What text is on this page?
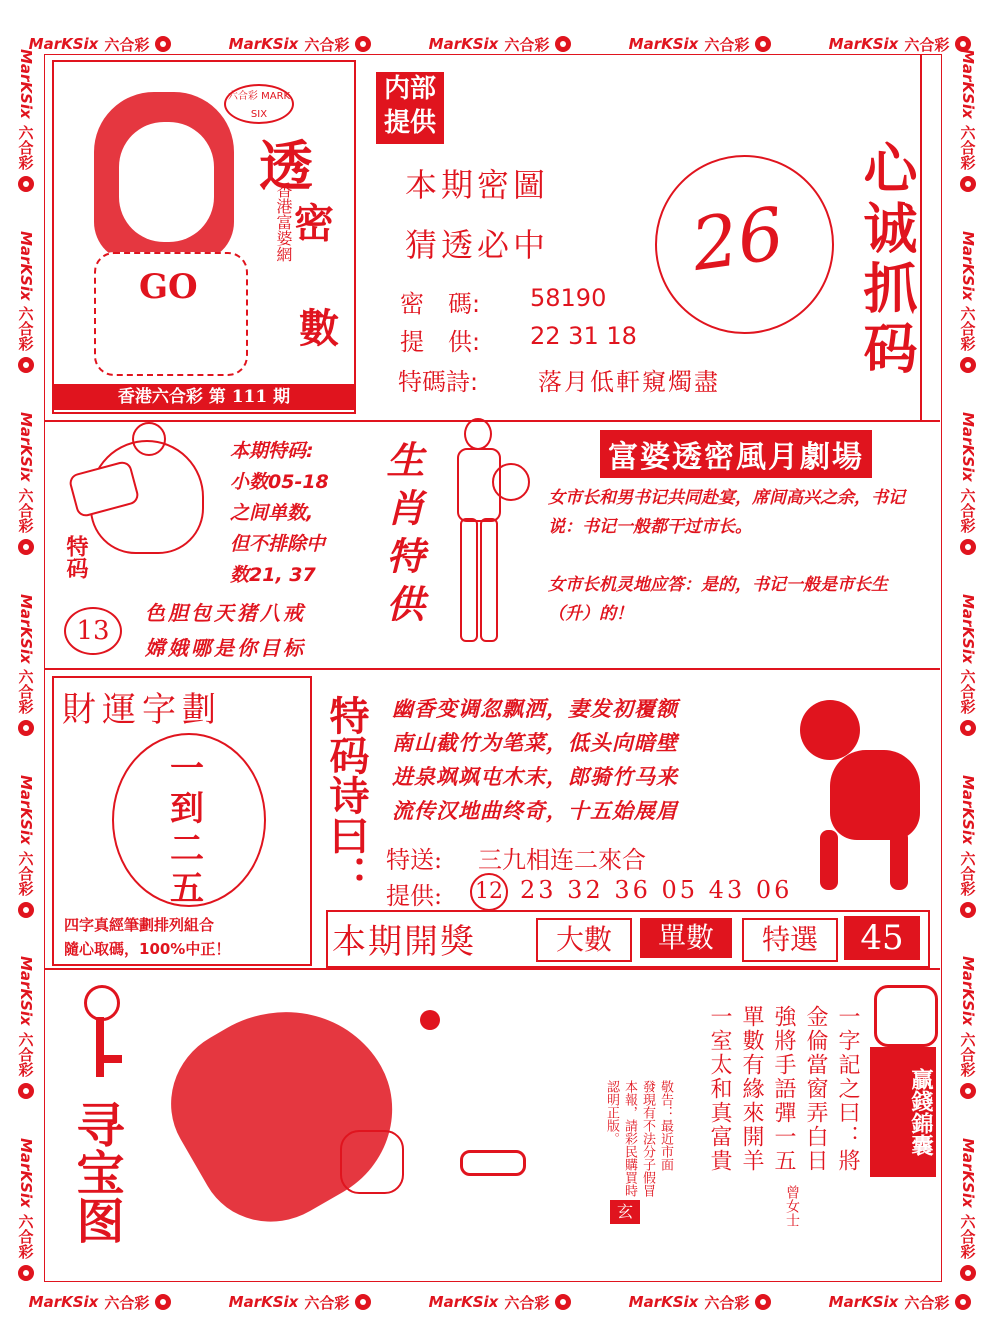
MarKSix 六合彩	MarKSix 六合彩	MarKSix 六合彩	MarKSix 六合彩	MarKSix 六合彩
MarKSix 六合彩	MarKSix 六合彩	MarKSix 六合彩	MarKSix 六合彩	MarKSix 六合彩
MarKSix
六合彩
MarKSix
六合彩
MarKSix
六合彩
MarKSix
六合彩
MarKSix
六合彩
MarKSix
六合彩
MarKSix
六合彩
MarKSix
六合彩
MarKSix
六合彩
MarKSix
六合彩
MarKSix
六合彩
MarKSix
六合彩
MarKSix
六合彩
MarKSix
六合彩
GO
六合彩 MARK SIX
透
密
數
香港富婆網
香港六合彩 第 111 期
内部提供
本期密圖
猜透必中
密　碼: 58190
提　供: 22 31 18
特碼詩: 落月低軒窺燭盡
26 心诚抓码
特码
13
本期特码:
小数05-18
之间单数,
但不排除中
数21, 37
色胆包天猪八戒
嫦娥哪是你目标
生肖特供	富婆透密風月劇場
女市长和男书记共同赴宴，席间高兴之余，书记说：书记一般都干过市长。
女市长机灵地应答：是的，书记一般是市长生（升）的！
財運字劃
一
到
二
五
四字真經筆劃排列組合
隨心取碼，100%中正！
特码诗曰： 幽香变调忽飘洒，妻发初覆额
南山截竹为笔菜，低头向暗壁
进泉飒飒屯木末，郎骑竹马来
流传汉地曲终奇，十五始展眉
特送: 三九相连二來合
提供: 12 23 32 36 05 43 06
本期開獎	大數	單數	特選	45
寻宝图	敬告：最近市面
發現有不法分子假冒
本報，請彩民購買時
認明正版。
玄
一字記之曰：將
金倫當窗弄白日
強將手語彈一五
單數有緣來開羊
一室太和真富貴
曾女士
贏錢錦囊
